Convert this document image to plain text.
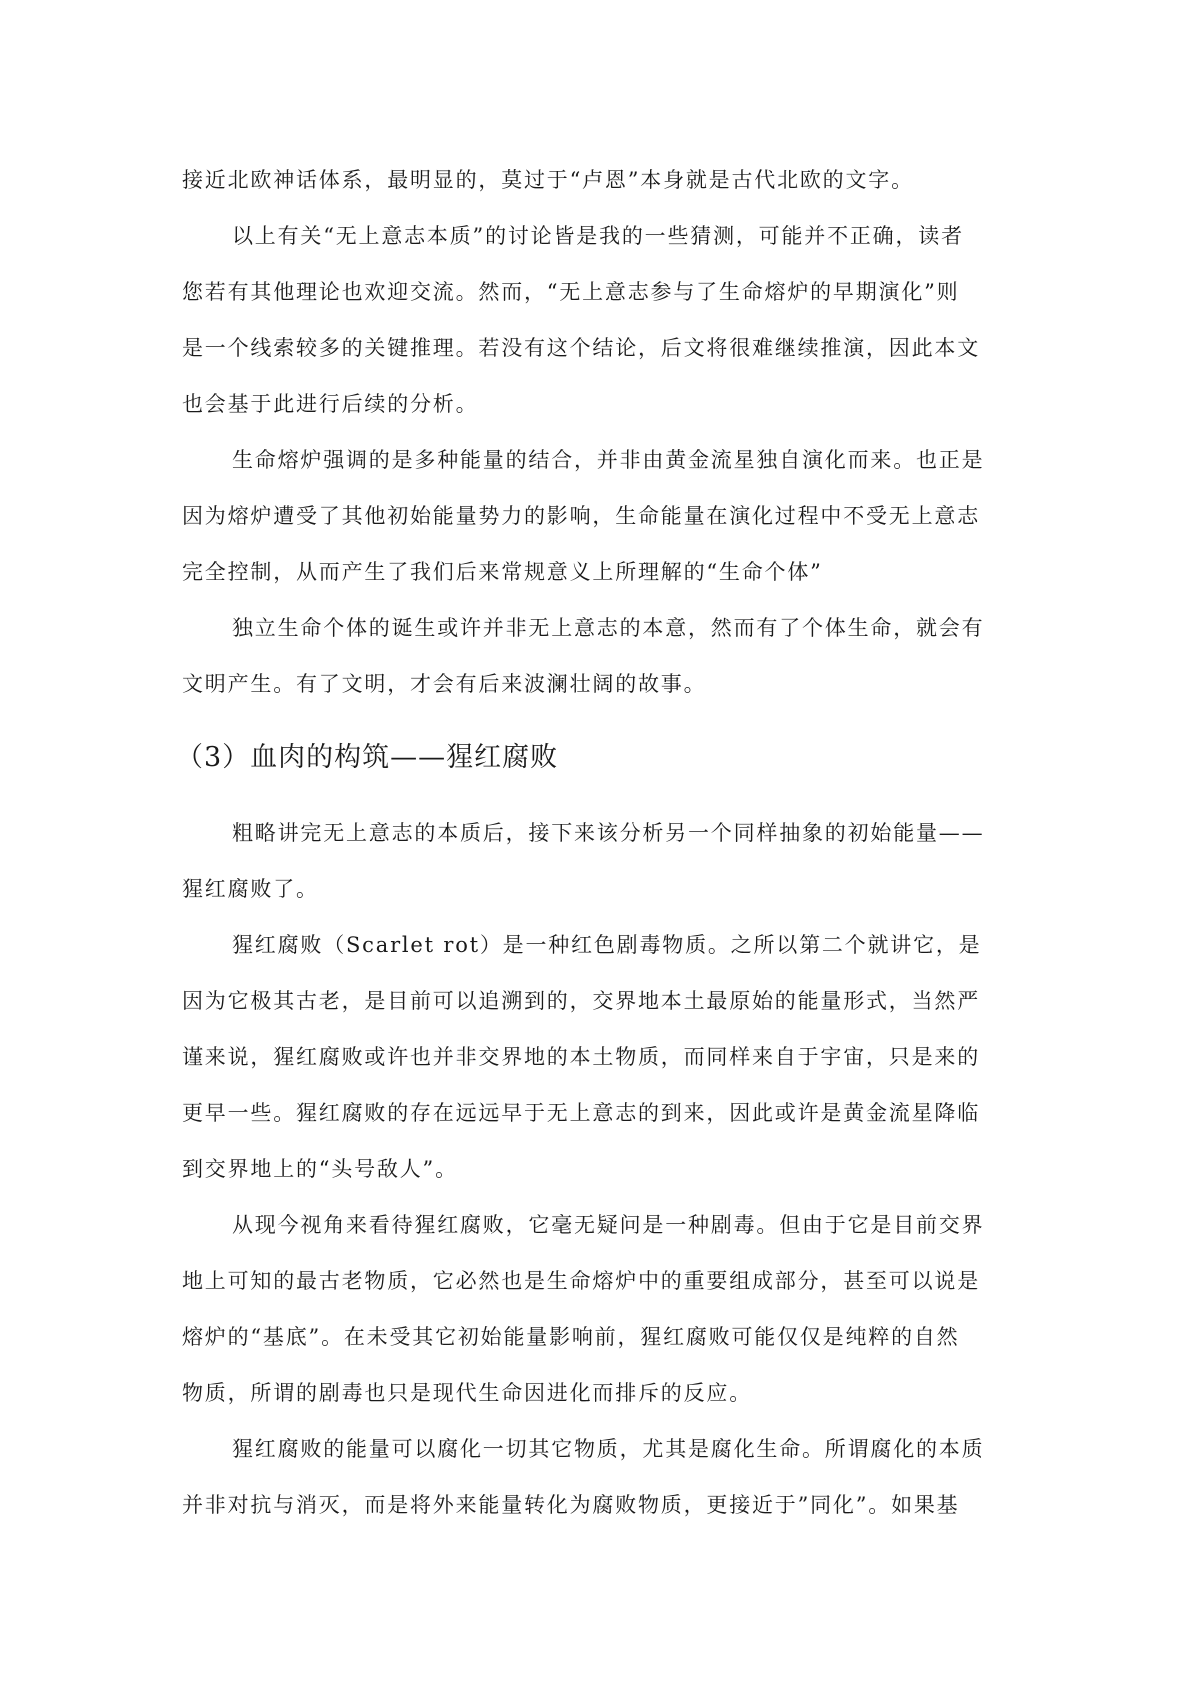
接近北欧神话体系，最明显的，莫过于“卢恩”本身就是古代北欧的文字。
以上有关“无上意志本质”的讨论皆是我的一些猜测，可能并不正确，读者
您若有其他理论也欢迎交流。然而，“无上意志参与了生命熔炉的早期演化”则
是一个线索较多的关键推理。若没有这个结论，后文将很难继续推演，因此本文
也会基于此进行后续的分析。
生命熔炉强调的是多种能量的结合，并非由黄金流星独自演化而来。也正是
因为熔炉遭受了其他初始能量势力的影响，生命能量在演化过程中不受无上意志
完全控制，从而产生了我们后来常规意义上所理解的“生命个体”
独立生命个体的诞生或许并非无上意志的本意，然而有了个体生命，就会有
文明产生。有了文明，才会有后来波澜壮阔的故事。
（3）血肉的构筑——猩红腐败
粗略讲完无上意志的本质后，接下来该分析另一个同样抽象的初始能量——
猩红腐败了。
猩红腐败（Scarlet rot）是一种红色剧毒物质。之所以第二个就讲它，是
因为它极其古老，是目前可以追溯到的，交界地本土最原始的能量形式，当然严
谨来说，猩红腐败或许也并非交界地的本土物质，而同样来自于宇宙，只是来的
更早一些。猩红腐败的存在远远早于无上意志的到来，因此或许是黄金流星降临
到交界地上的“头号敌人”。
从现今视角来看待猩红腐败，它毫无疑问是一种剧毒。但由于它是目前交界
地上可知的最古老物质，它必然也是生命熔炉中的重要组成部分，甚至可以说是
熔炉的“基底”。在未受其它初始能量影响前，猩红腐败可能仅仅是纯粹的自然
物质，所谓的剧毒也只是现代生命因进化而排斥的反应。
猩红腐败的能量可以腐化一切其它物质，尤其是腐化生命。所谓腐化的本质
并非对抗与消灭，而是将外来能量转化为腐败物质，更接近于”同化”。如果基
